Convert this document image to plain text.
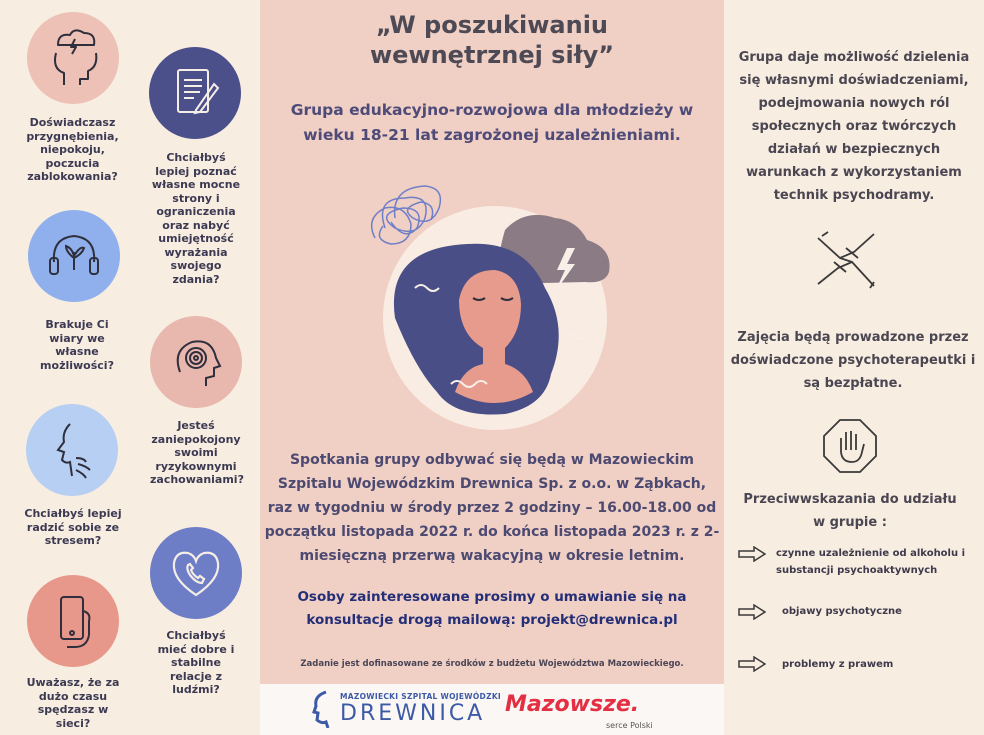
Doświadczasz przygnębienia, niepokoju, poczucia zablokowania?
Brakuje Ci wiary we własne możliwości?
Chciałbyś lepiej radzić sobie ze stresem?
Uważasz, że za dużo czasu spędzasz w sieci?
Chciałbyś lepiej poznać własne mocne strony i ograniczenia oraz nabyć umiejętność wyrażania swojego zdania?
Jesteś zaniepokojony swoimi ryzykownymi zachowaniami?
Chciałbyś mieć dobre i stabilne relacje z ludźmi?
„W poszukiwaniu wewnętrznej siły”
Grupa edukacyjno-rozwojowa dla młodzieży w wieku 18-21 lat zagrożonej uzależnieniami.
Spotkania grupy odbywać się będą w Mazowieckim Szpitalu Wojewódzkim Drewnica Sp. z o.o. w Ząbkach, raz w tygodniu w środy przez 2 godziny – 16.00-18.00 od początku listopada 2022 r. do końca listopada 2023 r. z 2-miesięczną przerwą wakacyjną w okresie letnim.
Osoby zainteresowane prosimy o umawianie się na konsultacje drogą mailową: projekt@drewnica.pl
Zadanie jest dofinasowane ze środków z budżetu Województwa Mazowieckiego.
MAZOWIECKI SZPITAL WOJEWÓDZKI
DREWNICA Mazowsze.
serce Polski
Grupa daje możliwość dzielenia się własnymi doświadczeniami, podejmowania nowych ról społecznych oraz twórczych działań w bezpiecznych warunkach z wykorzystaniem technik psychodramy.
Zajęcia będą prowadzone przez doświadczone psychoterapeutki i są bezpłatne.
Przeciwwskazania do udziału w grupie :
czynne uzależnienie od alkoholu i substancji psychoaktywnych
objawy psychotyczne
problemy z prawem
